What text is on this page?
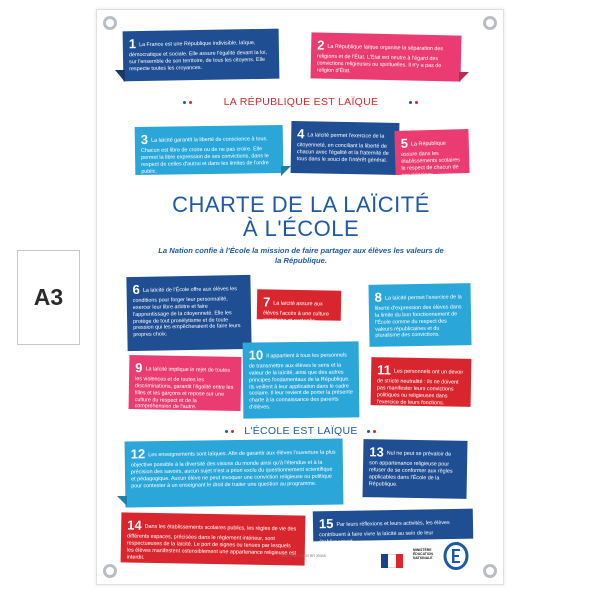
A3
1 La France est une République indivisible, laïque, démocratique et sociale. Elle assure l'égalité devant la loi, sur l'ensemble de son territoire, de tous les citoyens. Elle respecte toutes les croyances.
2 La République laïque organise la séparation des religions et de l'État. L'État est neutre à l'égard des convictions religieuses ou spirituelles. Il n'y a pas de religion d'État.
LA RÉPUBLIQUE EST LAÏQUE
3 La laïcité garantit la liberté de conscience à tous. Chacun est libre de croire ou de ne pas croire. Elle permet la libre expression de ses convictions, dans le respect de celles d'autrui et dans les limites de l'ordre public.
4 La laïcité permet l'exercice de la citoyenneté, en conciliant la liberté de chacun avec l'égalité et la fraternité de tous dans le souci de l'intérêt général.
5 La République assure dans les établissements scolaires le respect de chacun de ces principes.
CHARTE DE LA LAÏCITÉ
À L'ÉCOLE
La Nation confie à l'École la mission de faire partager aux élèves les valeurs de la République.
6 La laïcité de l'École offre aux élèves les conditions pour forger leur personnalité, exercer leur libre arbitre et faire l'apprentissage de la citoyenneté. Elle les protège de tout prosélytisme et de toute pression qui les empêcheraient de faire leurs propres choix.
7 La laïcité assure aux élèves l'accès à une culture commune et partagée.
8 La laïcité permet l'exercice de la liberté d'expression des élèves dans la limite du bon fonctionnement de l'École comme du respect des valeurs républicaines et du pluralisme des convictions.
9 La laïcité implique le rejet de toutes les violences et de toutes les discriminations, garantit l'égalité entre les filles et les garçons et repose sur une culture du respect et de la compréhension de l'autre.
10 Il appartient à tous les personnels de transmettre aux élèves le sens et la valeur de la laïcité, ainsi que des autres principes fondamentaux de la République. Ils veillent à leur application dans le cadre scolaire. Il leur revient de porter la présente charte à la connaissance des parents d'élèves.
11 Les personnels ont un devoir de stricte neutralité : ils ne doivent pas manifester leurs convictions politiques ou religieuses dans l'exercice de leurs fonctions.
L'ÉCOLE EST LAÏQUE
12 Les enseignements sont laïques. Afin de garantir aux élèves l'ouverture la plus objective possible à la diversité des visions du monde ainsi qu'à l'étendue et à la précision des savoirs, aucun sujet n'est a priori exclu du questionnement scientifique et pédagogique. Aucun élève ne peut invoquer une conviction religieuse ou politique pour contester à un enseignant le droit de traiter une question au programme.
13 Nul ne peut se prévaloir de son appartenance religieuse pour refuser de se conformer aux règles applicables dans l'École de la République.
14 Dans les établissements scolaires publics, les règles de vie des différents espaces, précisées dans le règlement intérieur, sont respectueuses de la laïcité. Le port de signes ou tenues par lesquels les élèves manifestent ostensiblement une appartenance religieuse est interdit.
15 Par leurs réflexions et leurs activités, les élèves contribuent à faire vivre la laïcité au sein de leur établissement.
DCO - VAL DS 09 RR 30048
MINISTÈRE ÉDUCATION NATIONALE
